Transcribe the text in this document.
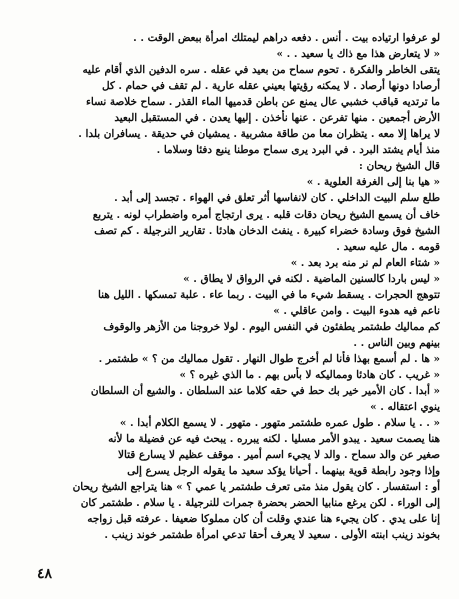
لو عرفوا ارتياده بيت . أنس . دفعه دراهم ليمتلك امرأة ببعض الوقت . .
« لا يتعارض هذا مع ذاك يا سعيد . . »
يتقى الخاطر والفكرة . تحوم سماح من بعيد في عقله . سره الدفين الذي أقام عليه
أرصادا دونها أرصاد . لا يمكنه رؤيتها بعيني عقله عارية . لم تقف في حمام . كل
ما ترتديه قباقب خشبي عال يمنع عن باطن قدميها الماء القذر . سماح خلاصة نساء
الأرض أجمعين . منها تفرعن . عنها نأخذن . إليها يعدن . في المستقبل البعيد
لا يراها إلا معه . يتظران معا من طاقة مشربية . يمشيان في حديقة . يسافران بلدا .
منذ أيام يشتد البرد . في البرد يرى سماح موطنا ينبع دفئا وسلاما .
قال الشيخ ريحان :
« هيا بنا إلى الغرفة العلوية . »
طلع سلم البيت الداخلي . كان لانفاسها أثر تعلق في الهواء . تجسد إلى أبد .
خاف أن يسمع الشيخ ريحان دقات قلبه . يرى ارتجاج أمره واضطراب لونه . يتربع
الشيخ فوق وسادة خضراء كبيرة . ينفث الدخان هادئا . تقارير النرجيلة . كم تصف
قومه . مال عليه سعيد .
« شتاء العام لم نر منه برد بعد . »
« ليس باردا كالسنين الماضية . لكنه في الرواق لا يطاق . »
تتوهج الحجرات . يسقط شيء ما في البيت . ربما عاء . علبة تمسكها . الليل هنا
ناعم فيه هدوء البيت . وامن عاقلي . »
كم مماليك طشتمر يطفئون في النفس اليوم . لولا خروجنا من الأزهر والوقوف
بينهم وبين الناس . .
« ها . لم أسمع بهذا فأنا لم أخرج طوال النهار . تقول مماليك من ؟ » طشتمر .
« غريب . كان هادئا ومماليكه لا بأس بهم . ما الذي غيره ؟ »
« أبدا . كان الأمير خير بك حط في حقه كلاما عند السلطان . والشيع أن السلطان
ينوي اعتقاله . »
« . . يا سلام . طول عمره طشتمر متهور . متهور . لا يسمع الكلام أبدا . »
هنا يصمت سعيد . يبدو الأمر مسليا . لكنه يبرره . يبحث فيه عن فضيلة ما لأنه
صغير عن والد سماح . والد لا يجيء اسم أمير . موقف عظيم لا يسارع قتالا
وإذا وجود رابطة قوية بينهما . أحيانا يؤكد سعيد ما يقوله الرجل يسرع إلى
أو : استفسار . كان يقول منذ متى تعرف طشتمر يا عمي ؟ » هنا يتراجع الشيخ ريحان
إلى الوراء . لكن يرغع منابيا الحضر بحضرة جمرات للنرجيلة . يا سلام . طشتمر كان
إنا على يدي . كان يجيء هنا عندي وقلت أن كان مملوكا ضعيفا . عرفته قبل زواجه
بخوند زينب ابنته الأولى . سعيد لا يعرف أحقا تدعي امرأة طشتمر خوند زينب .
٤٨
